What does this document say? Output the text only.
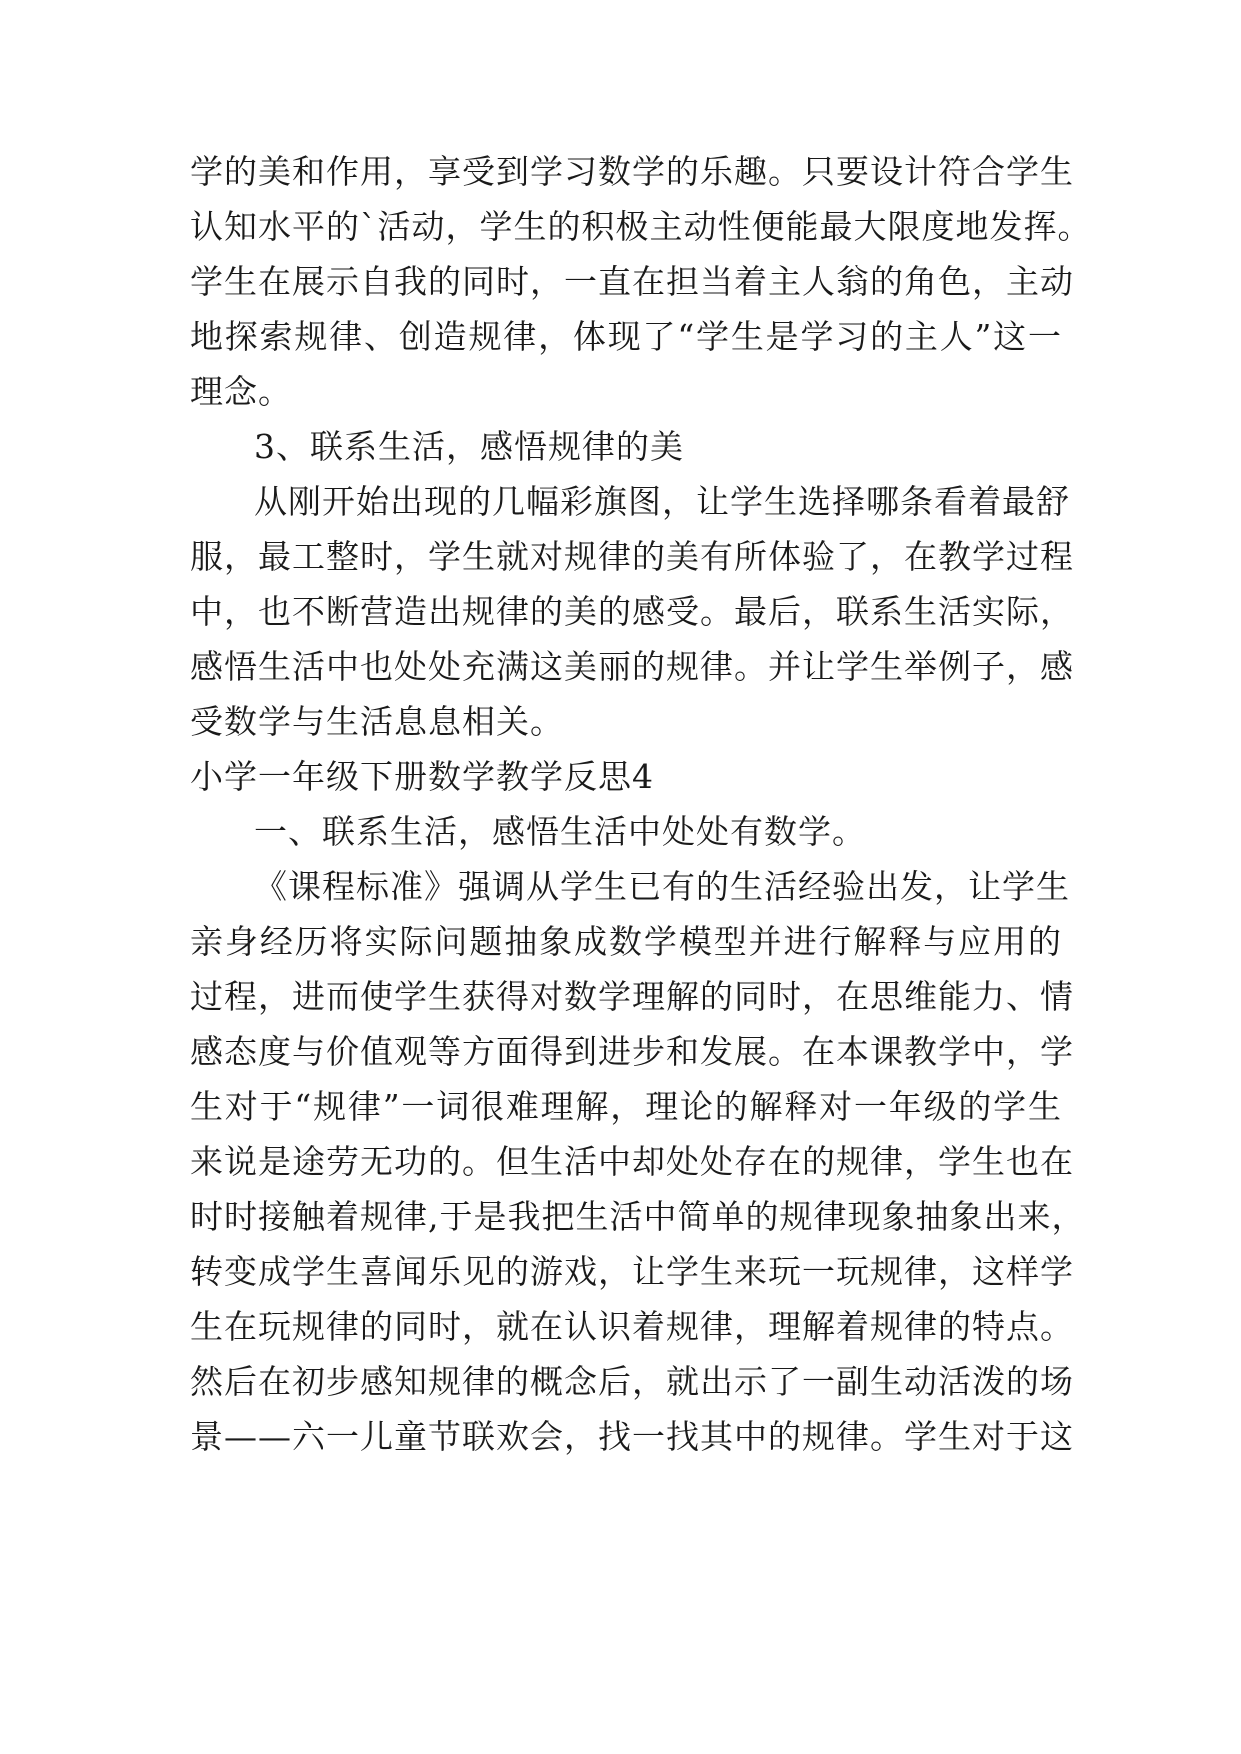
学的美和作用，享受到学习数学的乐趣。只要设计符合学生
认知水平的`活动，学生的积极主动性便能最大限度地发挥。
学生在展示自我的同时，一直在担当着主人翁的角色，主动
地探索规律、创造规律，体现了“学生是学习的主人”这一
理念。
3、联系生活，感悟规律的美
从刚开始出现的几幅彩旗图，让学生选择哪条看着最舒
服，最工整时，学生就对规律的美有所体验了，在教学过程
中，也不断营造出规律的美的感受。最后，联系生活实际，
感悟生活中也处处充满这美丽的规律。并让学生举例子，感
受数学与生活息息相关。
小学一年级下册数学教学反思4
一、联系生活，感悟生活中处处有数学。
《课程标准》强调从学生已有的生活经验出发，让学生
亲身经历将实际问题抽象成数学模型并进行解释与应用的
过程，进而使学生获得对数学理解的同时，在思维能力、情
感态度与价值观等方面得到进步和发展。在本课教学中，学
生对于“规律”一词很难理解，理论的解释对一年级的学生
来说是途劳无功的。但生活中却处处存在的规律，学生也在
时时接触着规律,于是我把生活中简单的规律现象抽象出来，
转变成学生喜闻乐见的游戏，让学生来玩一玩规律，这样学
生在玩规律的同时，就在认识着规律，理解着规律的特点。
然后在初步感知规律的概念后，就出示了一副生动活泼的场
景——六一儿童节联欢会，找一找其中的规律。学生对于这
